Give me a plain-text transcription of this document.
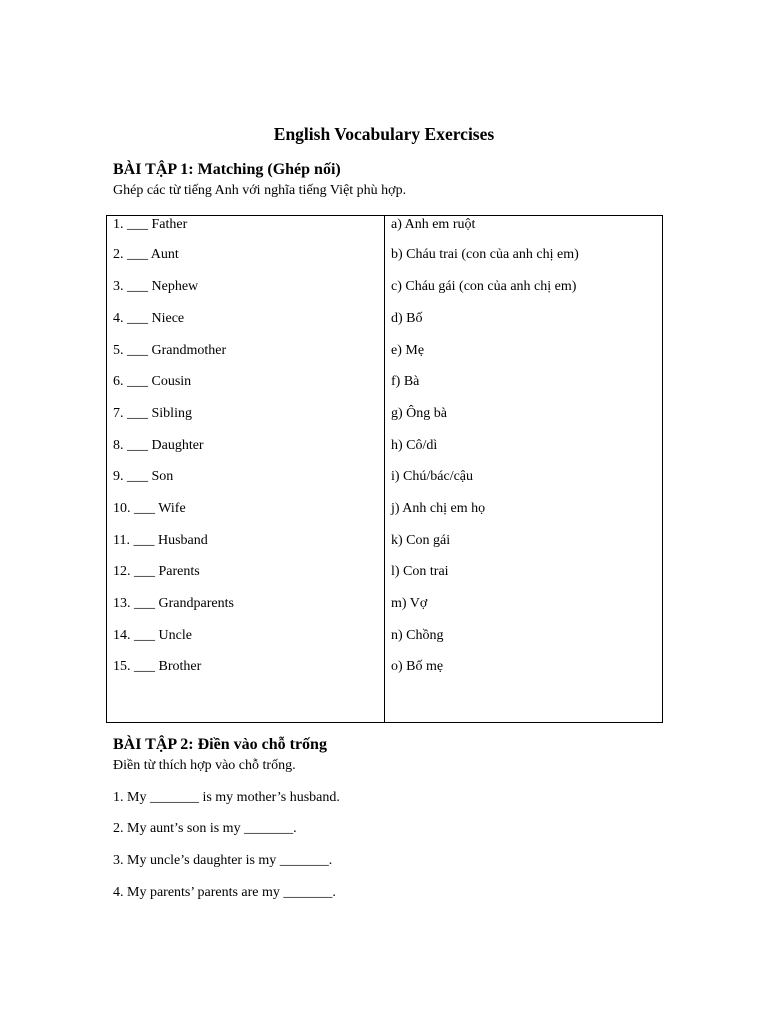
English Vocabulary Exercises
BÀI TẬP 1: Matching (Ghép nối)

Ghép các từ tiếng Anh với nghĩa tiếng Việt phù hợp.

1. ___ Father
2. ___ Aunt
3. ___ Nephew
4. ___ Niece
5. ___ Grandmother
6. ___ Cousin
7. ___ Sibling
8. ___ Daughter
9. ___ Son
10. ___ Wife
11. ___ Husband
12. ___ Parents
13. ___ Grandparents
14. ___ Uncle
15. ___ Brother
a) Anh em ruột
b) Cháu trai (con của anh chị em)
c) Cháu gái (con của anh chị em)
d) Bố
e) Mẹ
f) Bà
g) Ông bà
h) Cô/dì
i) Chú/bác/cậu
j) Anh chị em họ
k) Con gái
l) Con trai
m) Vợ
n) Chồng
o) Bố mẹ
BÀI TẬP 2: Điền vào chỗ trống

Điền từ thích hợp vào chỗ trống.

1. My _______ is my mother’s husband.

2. My aunt’s son is my _______.

3. My uncle’s daughter is my _______.

4. My parents’ parents are my _______.
